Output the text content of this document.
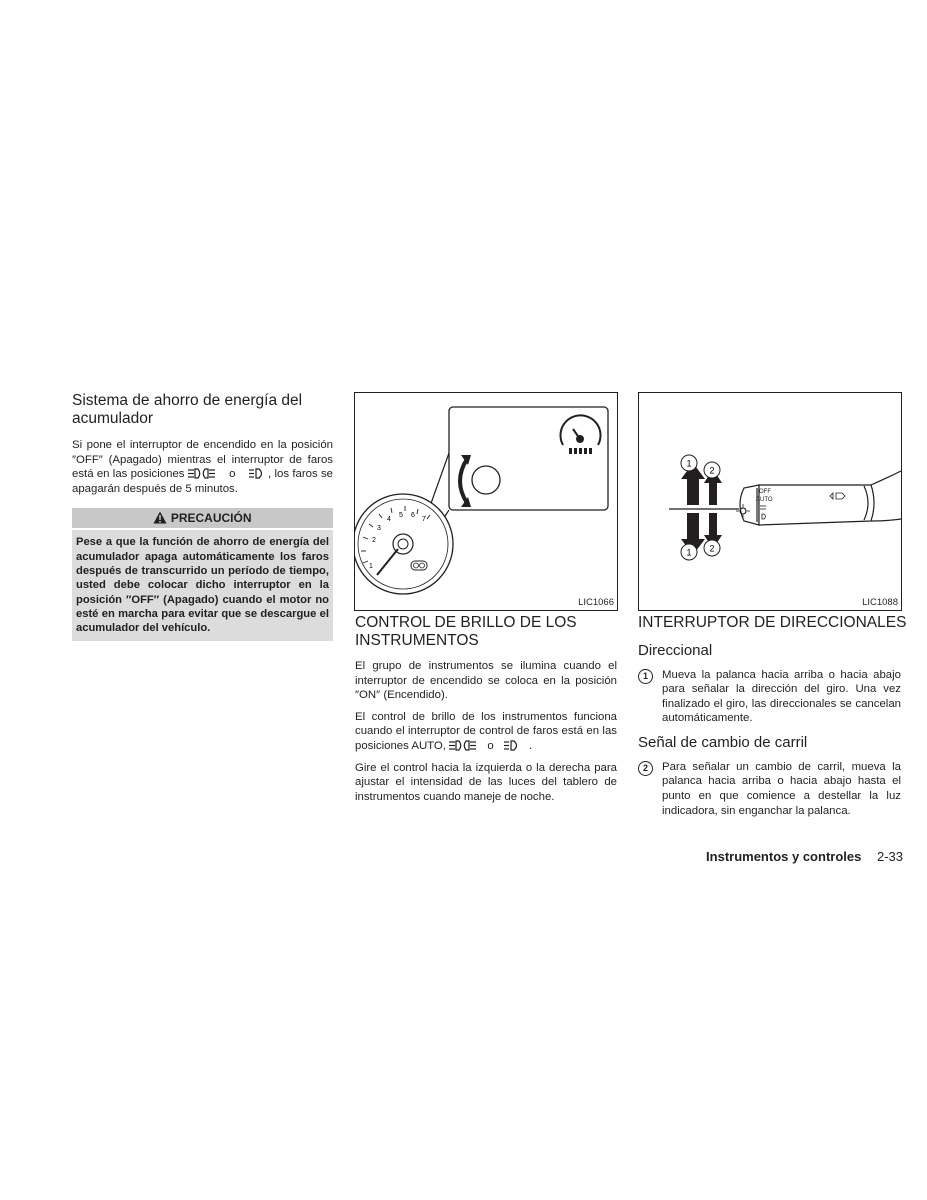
Sistema de ahorro de energía del acumulador

Si pone el interruptor de encendido en la posición ″OFF″ (Apagado) mientras el interruptor de faros está en las posiciones	o	, los faros se apagarán después de 5 minutos.

PRECAUCIÓN
Pese a que la función de ahorro de energía del acumulador apaga automáticamente los faros después de transcurrido un período de tiempo, usted debe colocar dicho interruptor en la posición ″OFF″ (Apagado) cuando el motor no esté en marcha para evitar que se descargue el acumulador del vehículo.
1
2
3
4
5 6
7
LIC1066
CONTROL DE BRILLO DE LOS INSTRUMENTOS

El grupo de instrumentos se ilumina cuando el interruptor de encendido se coloca en la posición ″ON″ (Encendido).

El control de brillo de los instrumentos funciona cuando el interruptor de control de faros está en las posiciones AUTO,	o	.

Gire el control hacia la izquierda o la derecha para ajustar el intensidad de las luces del tablero de instrumentos cuando maneje de noche.

1
2
1 2
OFF
AUTO
LIC1088
INTERRUPTOR DE DIRECCIONALES
Direccional
1	Mueva la palanca hacia arriba o hacia abajo para señalar la dirección del giro. Una vez finalizado el giro, las direccionales se cancelan automáticamente.
Señal de cambio de carril
2	Para señalar un cambio de carril, mueva la palanca hacia arriba o hacia abajo hasta el punto en que comience a destellar la luz indicadora, sin enganchar la palanca.
Instrumentos y controles 2-33
